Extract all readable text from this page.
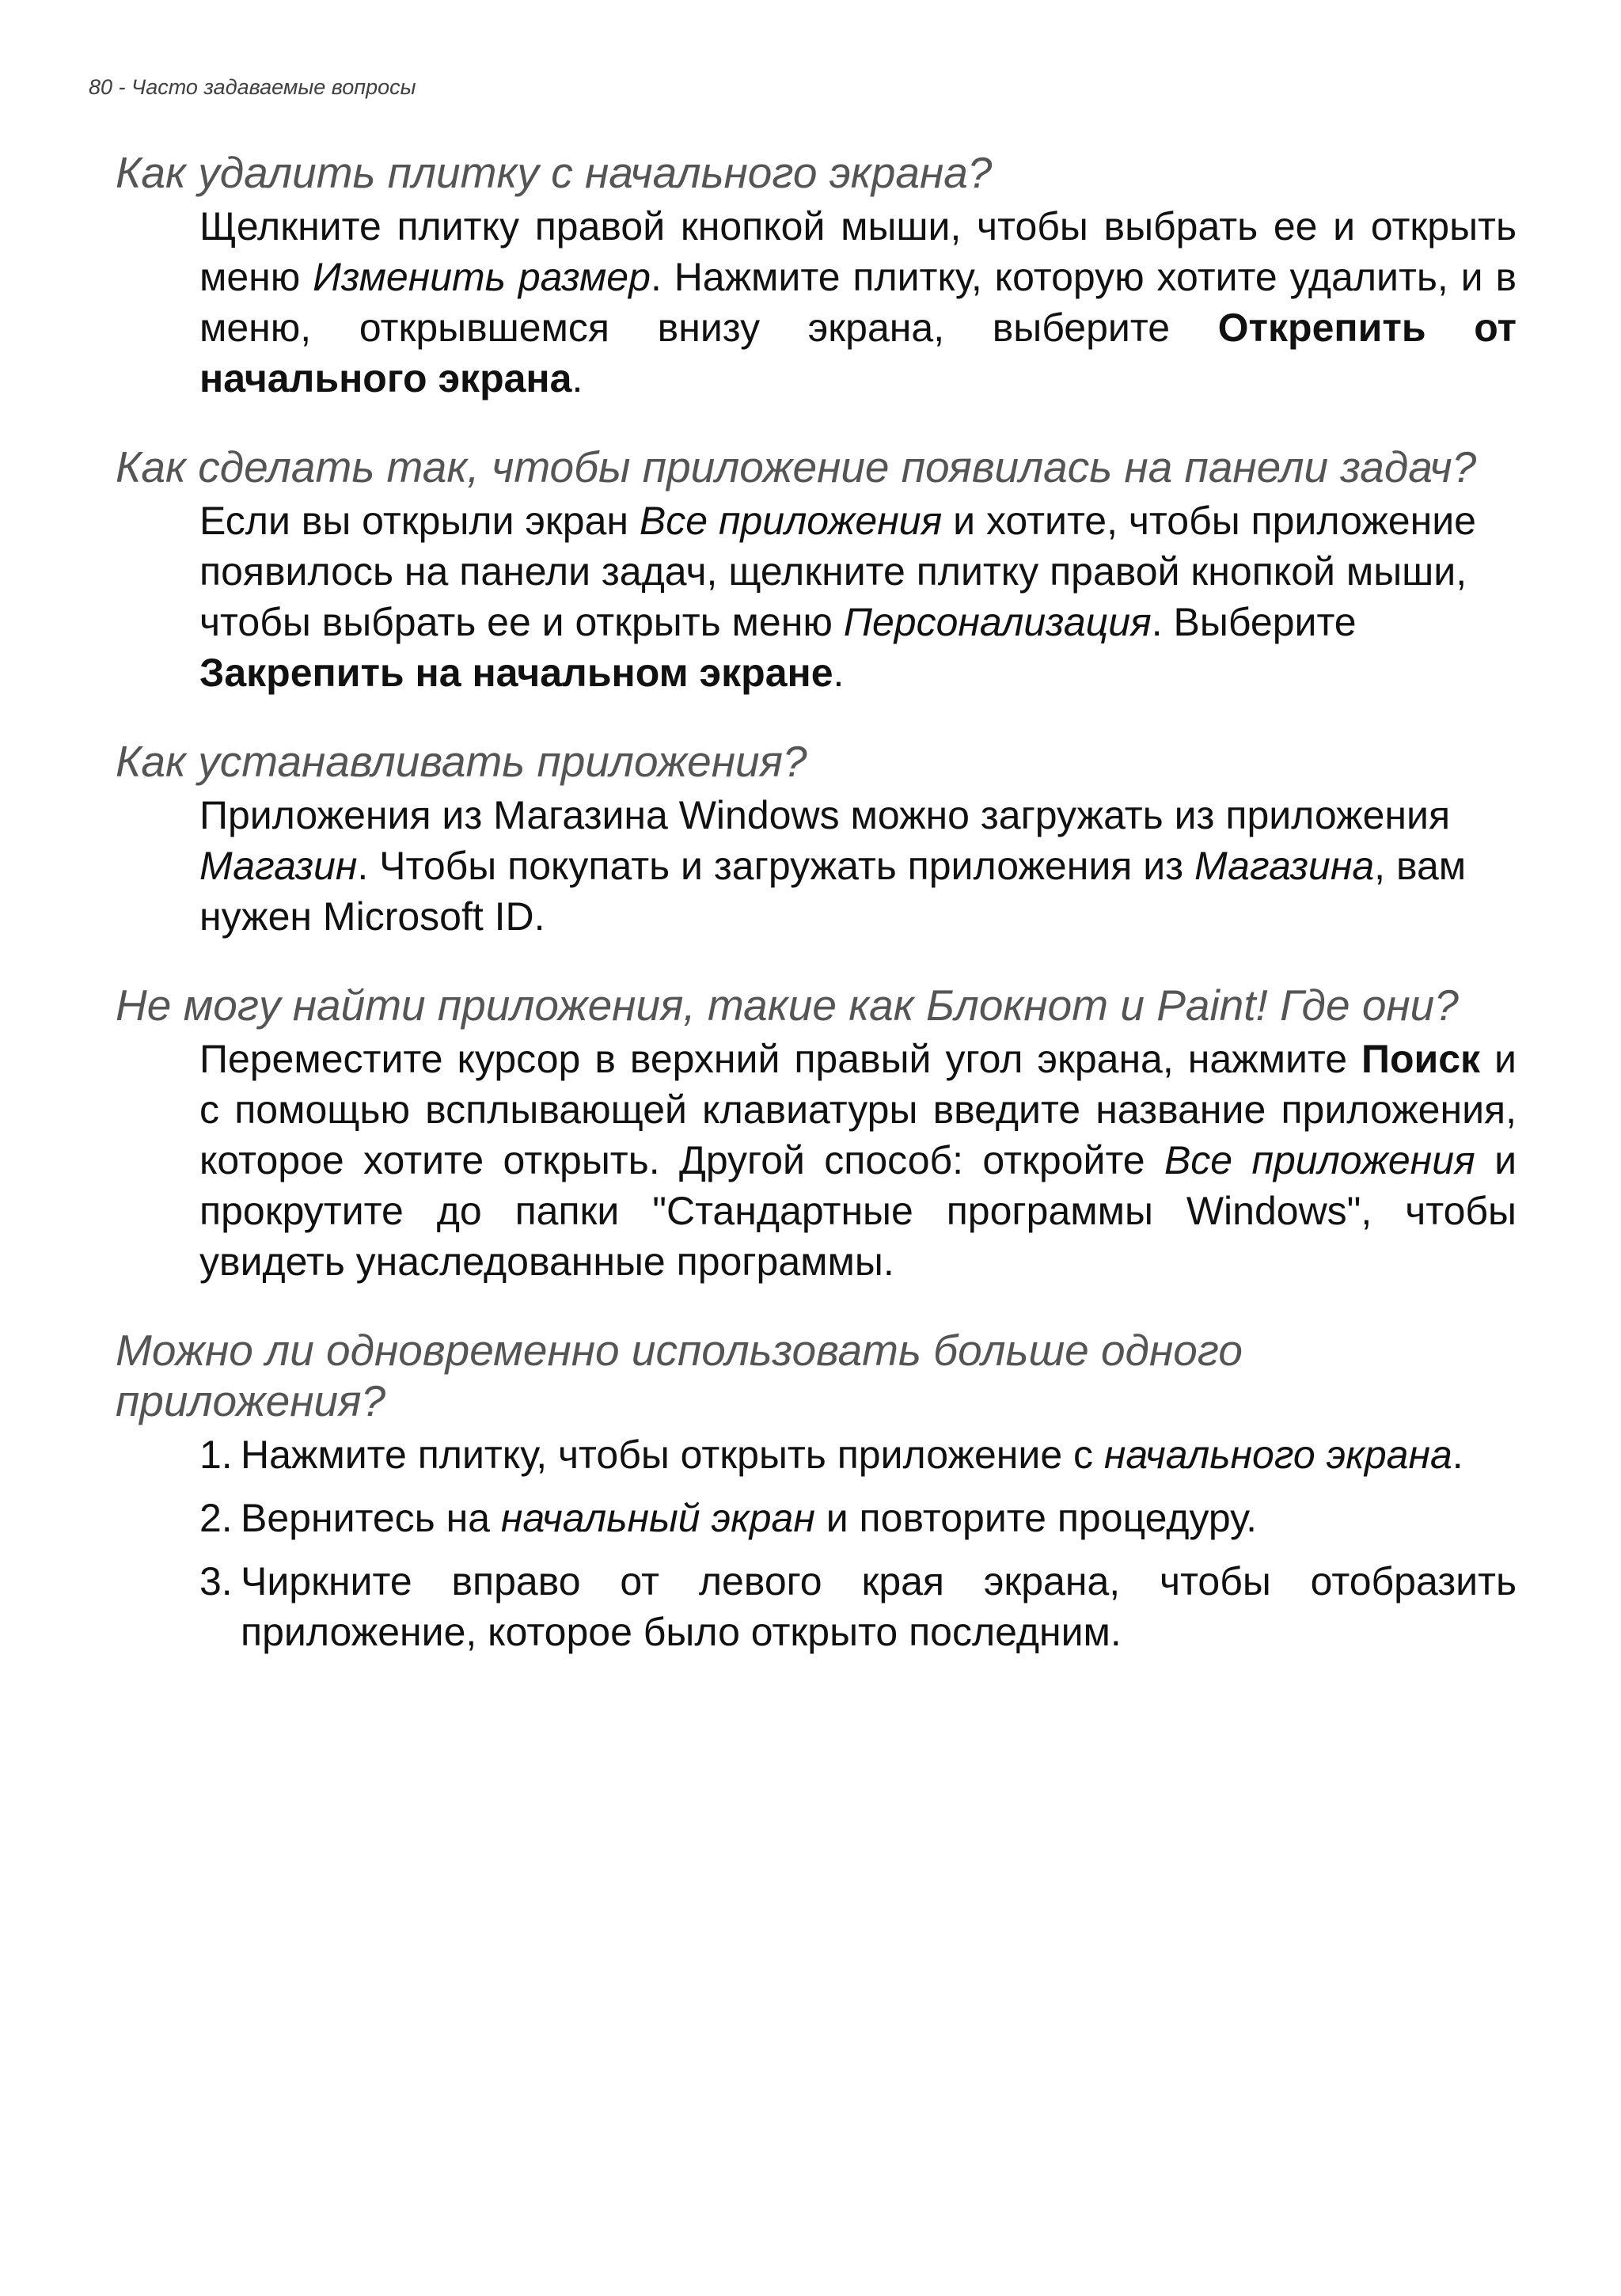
80 - Часто задаваемые вопросы
Как удалить плитку с начального экрана?

Щелкните плитку правой кнопкой мыши, чтобы выбрать ее и открыть меню Изменить размер. Нажмите плитку, которую хотите удалить, и в меню, открывшемся внизу экрана, выберите Открепить от начального экрана.

Как сделать так, чтобы приложение появилась на панели задач?

Если вы открыли экран Все приложения и хотите, чтобы приложение появилось на панели задач, щелкните плитку правой кнопкой мыши, чтобы выбрать ее и открыть меню Персонализация. Выберите Закрепить на начальном экране.

Как устанавливать приложения?

Приложения из Магазина Windows можно загружать из приложения Магазин. Чтобы покупать и загружать приложения из Магазина, вам нужен Microsoft ID.

Не могу найти приложения, такие как Блокнот и Paint! Где они?

Переместите курсор в верхний правый угол экрана, нажмите Поиск и с помощью всплывающей клавиатуры введите название приложения, которое хотите открыть. Другой способ: откройте Все приложения и прокрутите до папки "Стандартные программы Windows", чтобы увидеть унаследованные программы.

Можно ли одновременно использовать больше одного приложения?
1. Нажмите плитку, чтобы открыть приложение с начального экрана.
2. Вернитесь на начальный экран и повторите процедуру.
3. Чиркните вправо от левого края экрана, чтобы отобразить приложение, которое было открыто последним.
